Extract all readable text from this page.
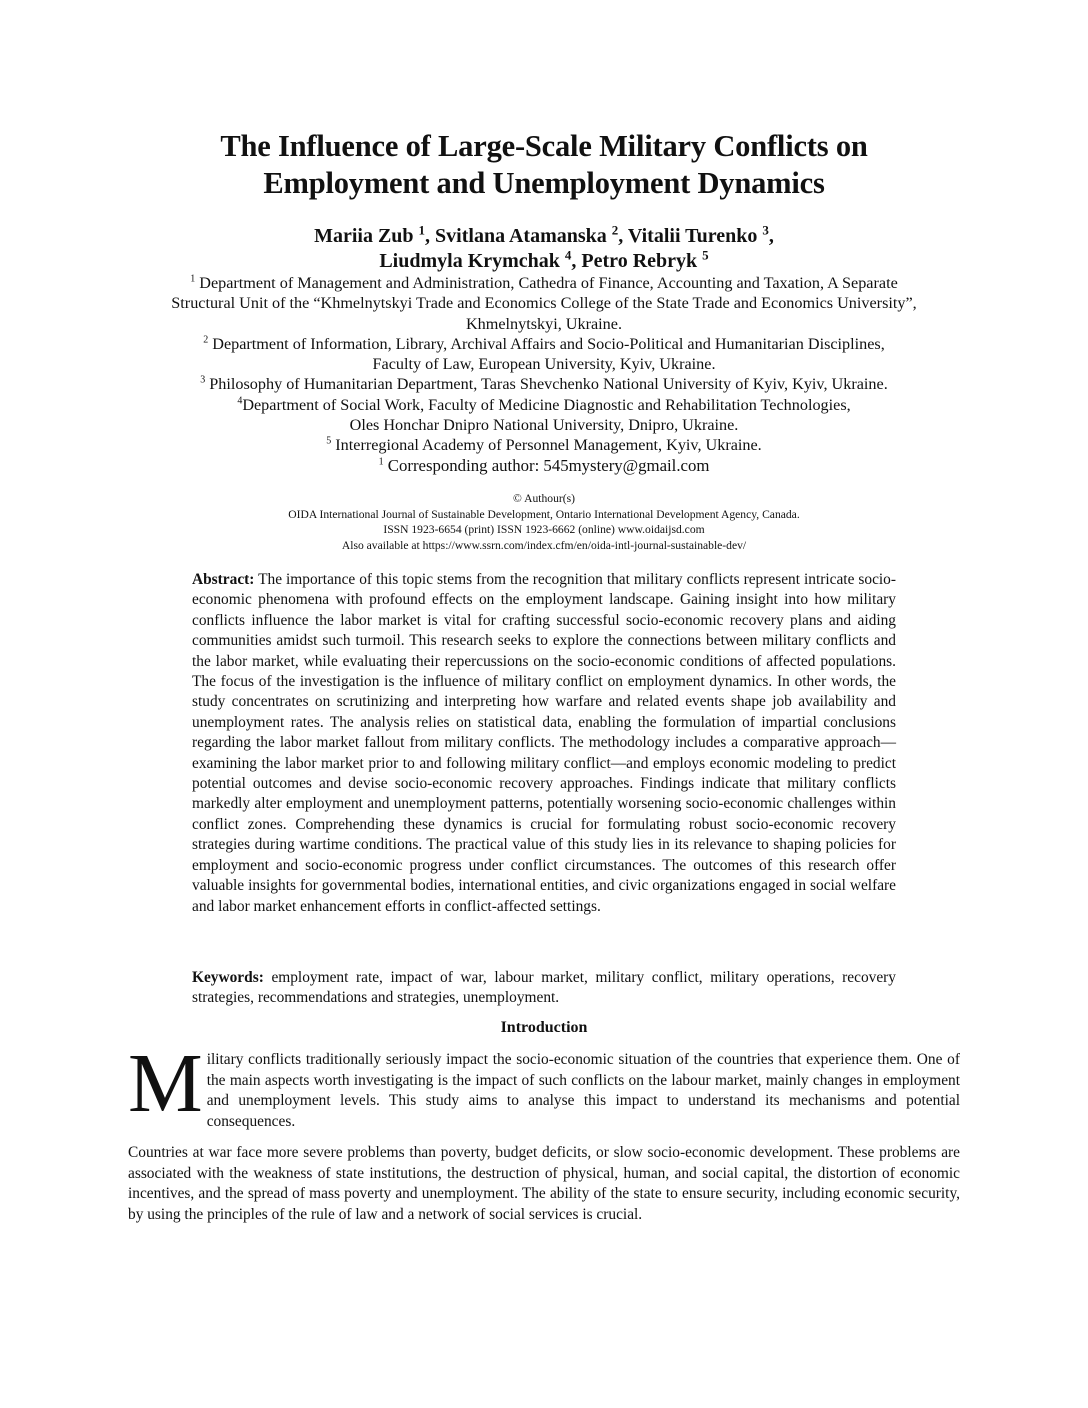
The Influence of Large-Scale Military Conflicts on
Employment and Unemployment Dynamics

Mariia Zub $^1$, Svitlana Atamanska $^2$, Vitalii Turenko $^3$,
Liudmyla Krymchak $^4$, Petro Rebryk $^5$

$^1$ Department of Management and Administration, Cathedra of Finance, Accounting and Taxation, A Separate
Structural Unit of the “Khmelnytskyi Trade and Economics College of the State Trade and Economics University”,
Khmelnytskyi, Ukraine.
$^2$ Department of Information, Library, Archival Affairs and Socio-Political and Humanitarian Disciplines,
Faculty of Law, European University, Kyiv, Ukraine.
$^3$ Philosophy of Humanitarian Department, Taras Shevchenko National University of Kyiv, Kyiv, Ukraine.
$^4$Department of Social Work, Faculty of Medicine Diagnostic and Rehabilitation Technologies,
Oles Honchar Dnipro National University, Dnipro, Ukraine.
$^5$ Interregional Academy of Personnel Management, Kyiv, Ukraine.
$^1$ Corresponding author: 545mystery@gmail.com
© Authour(s)
OIDA International Journal of Sustainable Development, Ontario International Development Agency, Canada.
ISSN 1923-6654 (print) ISSN 1923-6662 (online) www.oidaijsd.com
Also available at https://www.ssrn.com/index.cfm/en/oida-intl-journal-sustainable-dev/

Abstract: The importance of this topic stems from the recognition that military conflicts represent intricate socio-economic phenomena with profound effects on the employment landscape. Gaining insight into how military conflicts influence the labor market is vital for crafting successful socio-economic recovery plans and aiding communities amidst such turmoil. This research seeks to explore the connections between military conflicts and the labor market, while evaluating their repercussions on the socio-economic conditions of affected populations. The focus of the investigation is the influence of military conflict on employment dynamics. In other words, the study concentrates on scrutinizing and interpreting how warfare and related events shape job availability and unemployment rates. The analysis relies on statistical data, enabling the formulation of impartial conclusions regarding the labor market fallout from military conflicts. The methodology includes a comparative approach—examining the labor market prior to and following military conflict—and employs economic modeling to predict potential outcomes and devise socio-economic recovery approaches. Findings indicate that military conflicts markedly alter employment and unemployment patterns, potentially worsening socio-economic challenges within conflict zones. Comprehending these dynamics is crucial for formulating robust socio-economic recovery strategies during wartime conditions. The practical value of this study lies in its relevance to shaping policies for employment and socio-economic progress under conflict circumstances. The outcomes of this research offer valuable insights for governmental bodies, international entities, and civic organizations engaged in social welfare and labor market enhancement efforts in conflict-affected settings.

Keywords: employment rate, impact of war, labour market, military conflict, military operations, recovery strategies, recommendations and strategies, unemployment.

Introduction

Military conflicts traditionally seriously impact the socio-economic situation of the countries that experience them. One of the main aspects worth investigating is the impact of such conflicts on the labour market, mainly changes in employment and unemployment levels. This study aims to analyse this impact to understand its mechanisms and potential consequences.

Countries at war face more severe problems than poverty, budget deficits, or slow socio-economic development. These problems are associated with the weakness of state institutions, the destruction of physical, human, and social capital, the distortion of economic incentives, and the spread of mass poverty and unemployment. The ability of the state to ensure security, including economic security, by using the principles of the rule of law and a network of social services is crucial.
